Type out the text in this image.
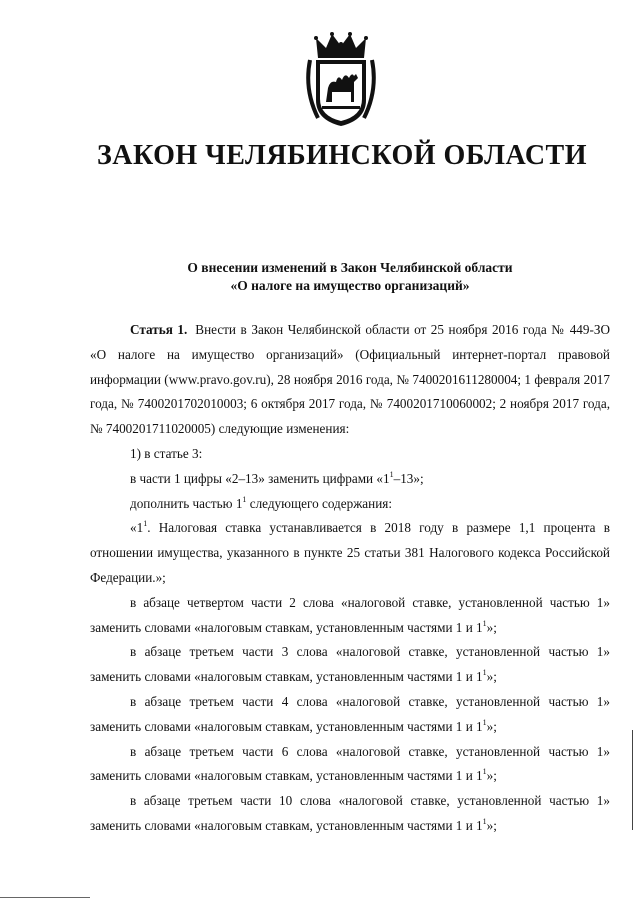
ЗАКОН ЧЕЛЯБИНСКОЙ ОБЛАСТИ
О внесении изменений в Закон Челябинской области
«О налоге на имущество организаций»

Статья 1. Внести в Закон Челябинской области от 25 ноября 2016 года № 449-ЗО «О налоге на имущество организаций» (Официальный интернет-портал правовой информации (www.pravo.gov.ru), 28 ноября 2016 года, № 7400201611280004; 1 февраля 2017 года, № 7400201702010003; 6 октября 2017 года, № 7400201710060002; 2 ноября 2017 года, № 7400201711020005) следующие изменения:

1) в статье 3:

в части 1 цифры «2–13» заменить цифрами «$1^1-13$»;

дополнить частью $1^1$ следующего содержания:

«$1^1$. Налоговая ставка устанавливается в 2018 году в размере 1,1 процента в отношении имущества, указанного в пункте 25 статьи 381 Налогового кодекса Российской Федерации.»;

в абзаце четвертом части 2 слова «налоговой ставке, установленной частью 1» заменить словами «налоговым ставкам, установленным частями 1 и $1^1$»;

в абзаце третьем части 3 слова «налоговой ставке, установленной частью 1» заменить словами «налоговым ставкам, установленным частями 1 и $1^1$»;

в абзаце третьем части 4 слова «налоговой ставке, установленной частью 1» заменить словами «налоговым ставкам, установленным частями 1 и $1^1$»;

в абзаце третьем части 6 слова «налоговой ставке, установленной частью 1» заменить словами «налоговым ставкам, установленным частями 1 и $1^1$»;

в абзаце третьем части 10 слова «налоговой ставке, установленной частью 1» заменить словами «налоговым ставкам, установленным частями 1 и $1^1$»;
